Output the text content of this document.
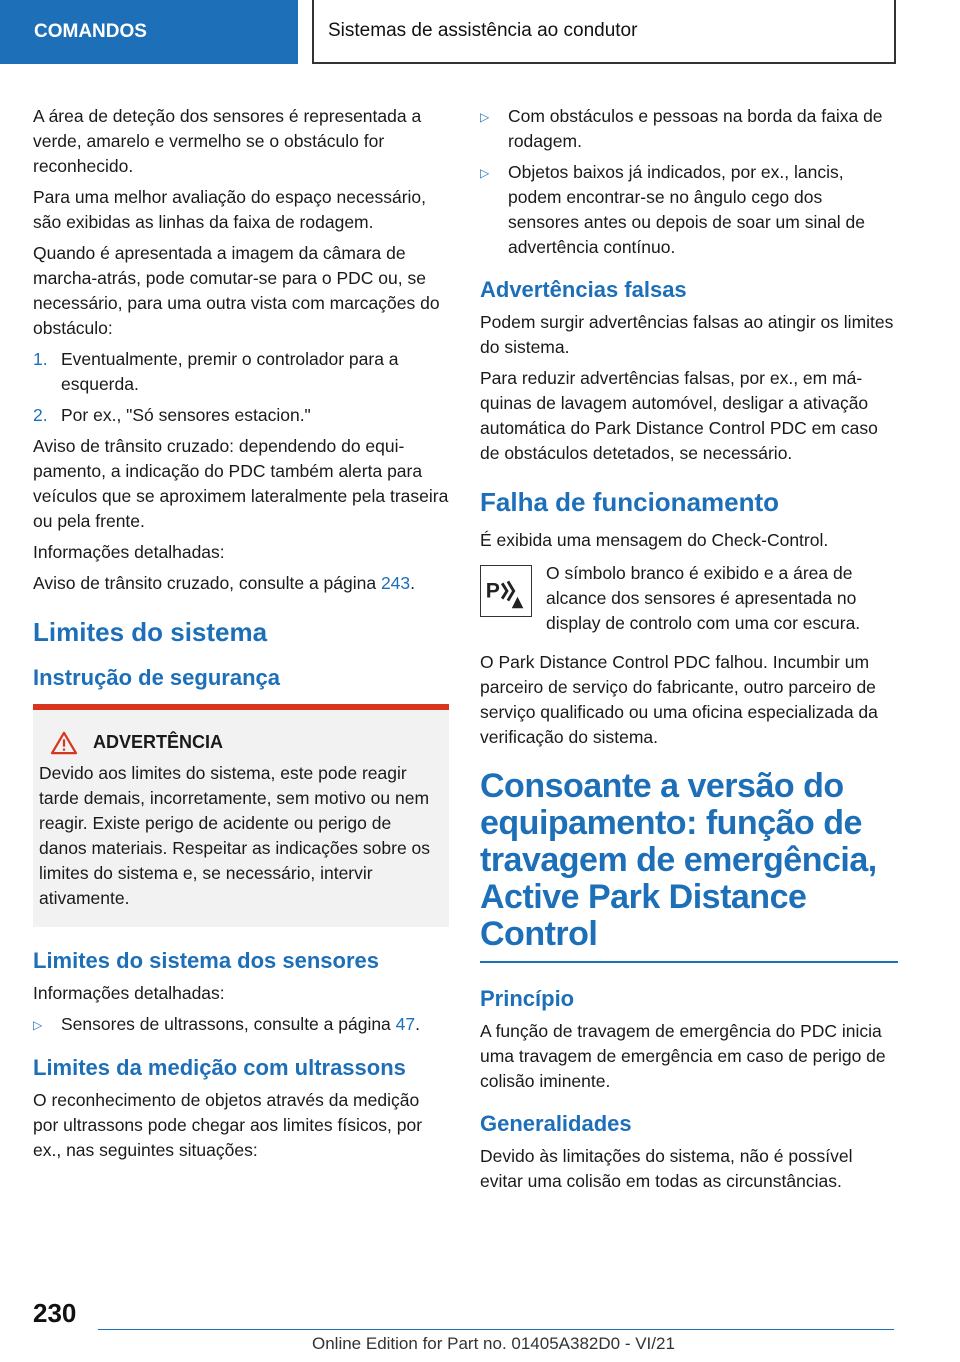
COMANDOS	Sistemas de assistência ao condutor

A área de deteção dos sensores é representada a verde, amarelo e vermelho se o obstáculo for reconhecido.

Para uma melhor avaliação do espaço necessário, são exibidas as linhas da faixa de rodagem.

Quando é apresentada a imagem da câmara de marcha-atrás, pode comutar-se para o PDC ou, se necessário, para uma outra vista com marcações do obstáculo:

1. Eventualmente, premir o controlador para a esquerda.
2. Por ex., "Só sensores estacion."

Aviso de trânsito cruzado: dependendo do equipamento, a indicação do PDC também alerta para veículos que se aproximem lateralmente pela traseira ou pela frente.

Informações detalhadas:

Aviso de trânsito cruzado, consulte a página 243.

Limites do sistema
Instrução de segurança
ADVERTÊNCIA
Devido aos limites do sistema, este pode reagir tarde demais, incorretamente, sem motivo ou nem reagir. Existe perigo de acidente ou perigo de danos materiais. Respeitar as indicações sobre os limites do sistema e, se necessário, intervir ativamente.
Limites do sistema dos sensores

Informações detalhadas:

▷	Sensores de ultrassons, consulte a página 47.
Limites da medição com ultrassons

O reconhecimento de objetos através da medição por ultrassons pode chegar aos limites físicos, por ex., nas seguintes situações:

▷	Com obstáculos e pessoas na borda da faixa de rodagem.
▷	Objetos baixos já indicados, por ex., lancis, podem encontrar-se no ângulo cego dos sensores antes ou depois de soar um sinal de advertência contínuo.
Advertências falsas

Podem surgir advertências falsas ao atingir os limites do sistema.

Para reduzir advertências falsas, por ex., em máquinas de lavagem automóvel, desligar a ativação automática do Park Distance Control PDC em caso de obstáculos detetados, se necessário.

Falha de funcionamento

É exibida uma mensagem do Check-Control.

P
O símbolo branco é exibido e a área de alcance dos sensores é apresentada no display de controlo com uma cor escura.

O Park Distance Control PDC falhou. Incumbir um parceiro de serviço do fabricante, outro parceiro de serviço qualificado ou uma oficina especializada da verificação do sistema.

Consoante a versão do equipamento: função de travagem de emergência, Active Park Distance Control
Princípio

A função de travagem de emergência do PDC inicia uma travagem de emergência em caso de perigo de colisão iminente.

Generalidades

Devido às limitações do sistema, não é possível evitar uma colisão em todas as circunstâncias.

230
Online Edition for Part no. 01405A382D0 - VI/21
